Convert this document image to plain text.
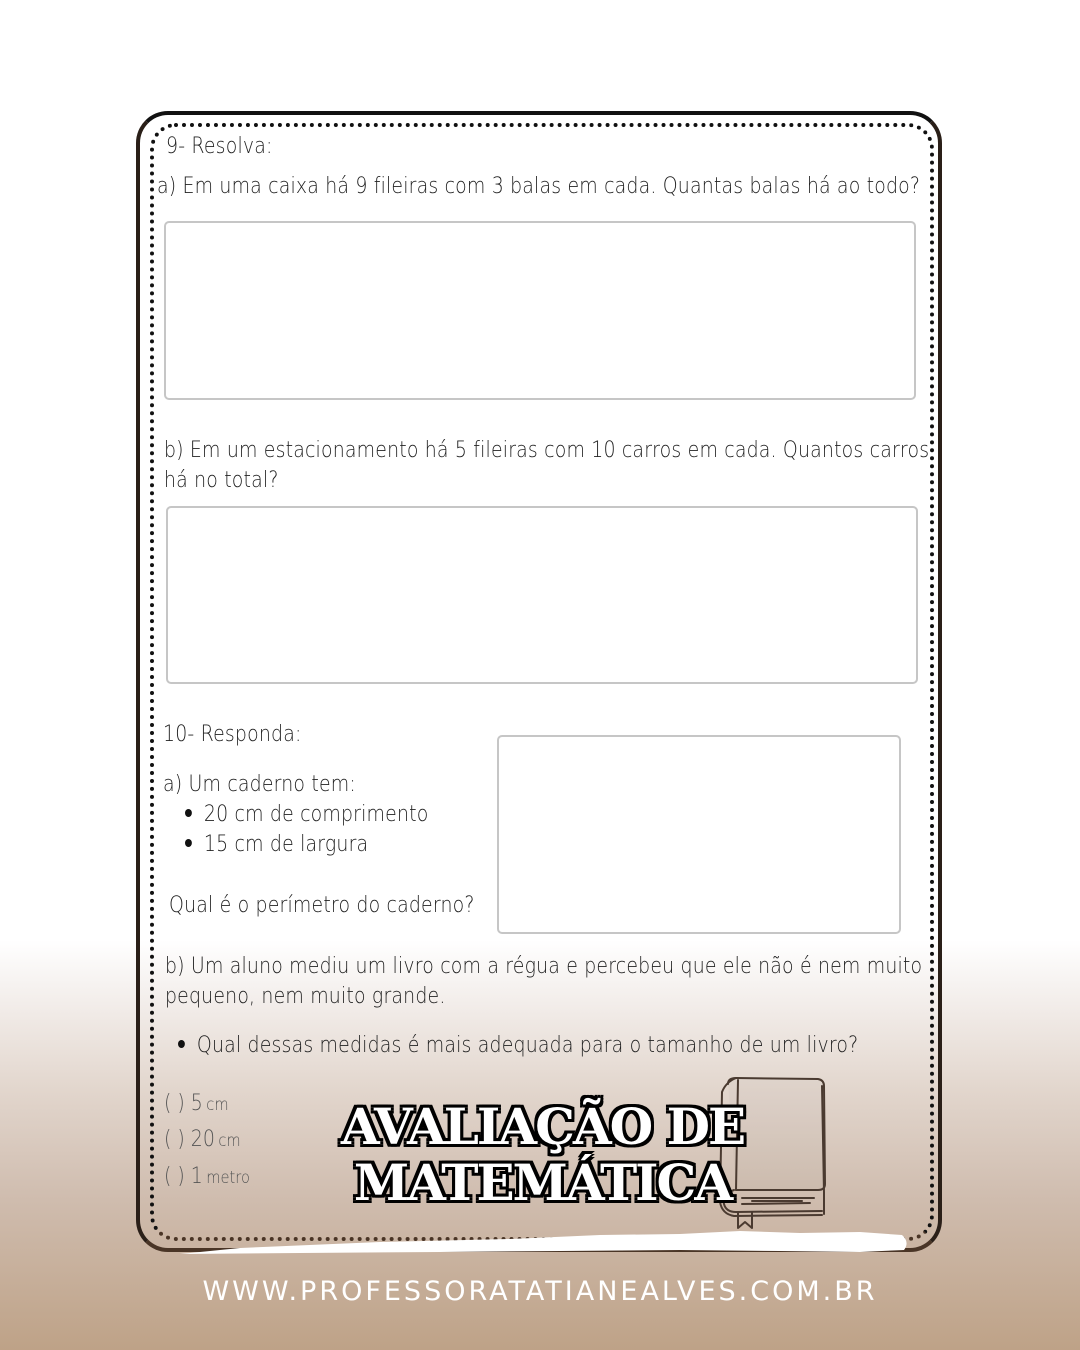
9- Resolva:
a) Em uma caixa há 9 fileiras com 3 balas em cada. Quantas balas há ao todo?
b) Em um estacionamento há 5 fileiras com 10 carros em cada. Quantos carros
há no total?
10- Responda:
a) Um caderno tem:
20 cm de comprimento
15 cm de largura
Qual é o perímetro do caderno?
b) Um aluno mediu um livro com a régua e percebeu que ele não é nem muito
pequeno, nem muito grande.
Qual dessas medidas é mais adequada para o tamanho de um livro?
( ) 5 cm
( ) 20 cm
( ) 1 metro
AVALIAÇÃO DE
MATEMÁTICA
WWW.PROFESSORATATIANEALVES.COM.BR
